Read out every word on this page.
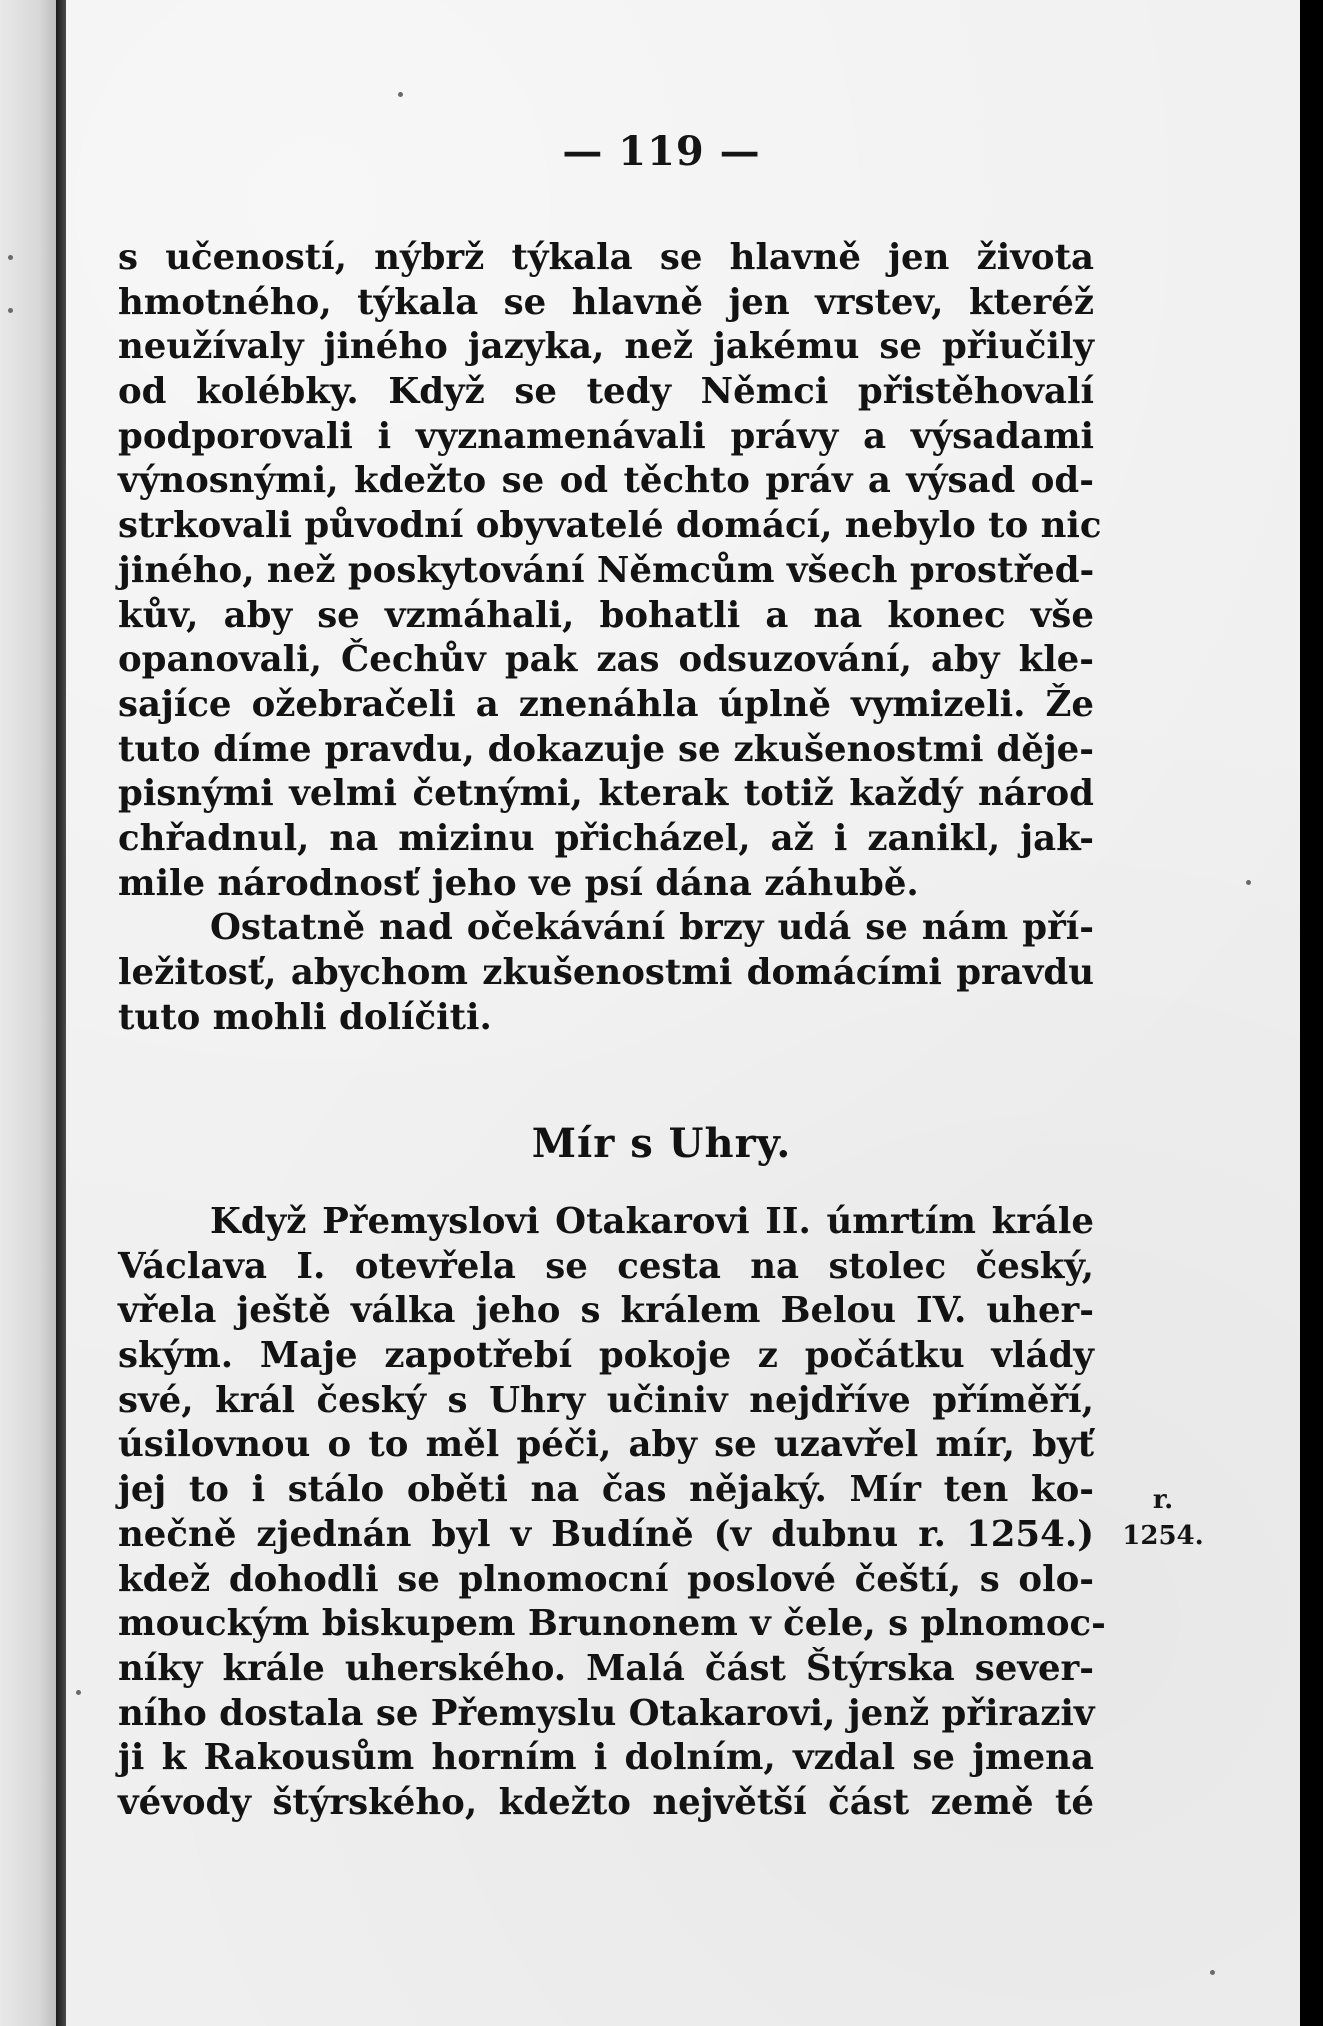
— 119 —
s učeností, nýbrž týkala se hlavně jen života
hmotného, týkala se hlavně jen vrstev, kteréž
neužívaly jiného jazyka, než jakému se přiučily
od kolébky. Když se tedy Němci přistěhovalí
podporovali i vyznamenávali právy a výsadami
výnosnými, kdežto se od těchto práv a výsad od-
strkovali původní obyvatelé domácí, nebylo to nic
jiného, než poskytování Němcům všech prostřed-
kův, aby se vzmáhali, bohatli a na konec vše
opanovali, Čechův pak zas odsuzování, aby kle-
sajíce ožebračeli a znenáhla úplně vymizeli. Že
tuto díme pravdu, dokazuje se zkušenostmi děje-
pisnými velmi četnými, kterak totiž každý národ
chřadnul, na mizinu přicházel, až i zanikl, jak-
mile národnosť jeho ve psí dána záhubě.
Ostatně nad očekávání brzy udá se nám pří-
ležitosť, abychom zkušenostmi domácími pravdu
tuto mohli dolíčiti.
Mír s Uhry.
Když Přemyslovi Otakarovi II. úmrtím krále
Václava I. otevřela se cesta na stolec český,
vřela ještě válka jeho s králem Belou IV. uher-
ským. Maje zapotřebí pokoje z počátku vlády
své, král český s Uhry učiniv nejdříve příměří,
úsilovnou o to měl péči, aby se uzavřel mír, byť
jej to i stálo oběti na čas nějaký. Mír ten ko-
nečně zjednán byl v Budíně (v dubnu r. 1254.)
kdež dohodli se plnomocní poslové čeští, s olo-
mouckým biskupem Brunonem v čele, s plnomoc-
níky krále uherského. Malá část Štýrska sever-
ního dostala se Přemyslu Otakarovi, jenž přiraziv
ji k Rakousům horním i dolním, vzdal se jmena
vévody štýrského, kdežto největší část země té
r.
1254.
